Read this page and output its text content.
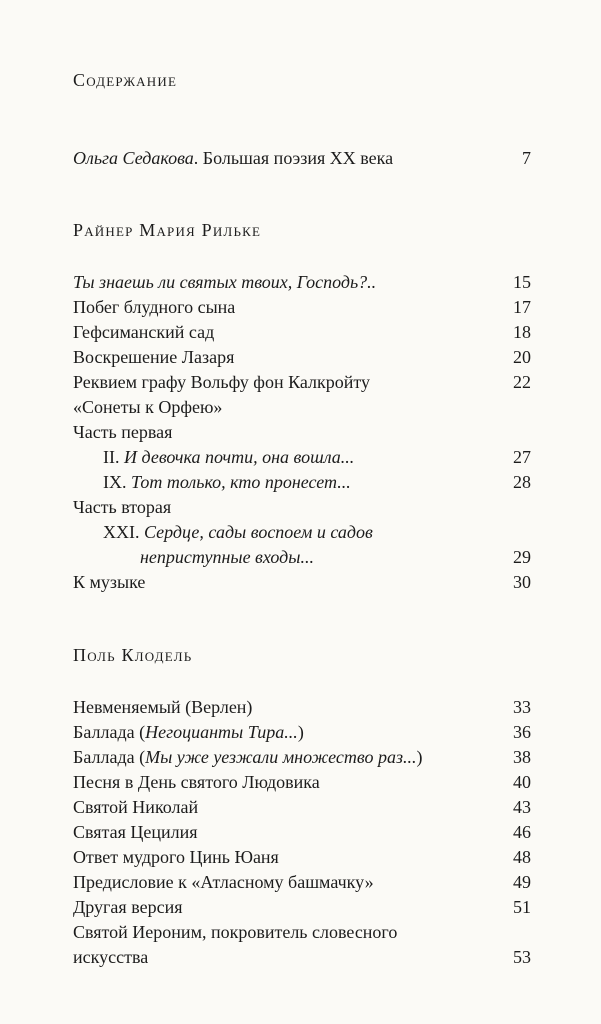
Содержание
Ольга Седакова. Большая поэзия XX века	7
Райнер Мария Рильке
Ты знаешь ли святых твоих, Господь?..	15
Побег блудного сына	17
Гефсиманский сад	18
Воскрешение Лазаря	20
Реквием графу Вольфу фон Калкройту	22
«Сонеты к Орфею»
Часть первая
II. И девочка почти, она вошла...	27
IX. Тот только, кто пронесет...	28
Часть вторая
XXI. Сердце, сады воспоем и садов
неприступные входы...	29
К музыке	30
Поль Клодель
Невменяемый (Верлен)	33
Баллада (Негоцианты Тира...)	36
Баллада (Мы уже уезжали множество раз...)	38
Песня в День святого Людовика	40
Святой Николай	43
Святая Цецилия	46
Ответ мудрого Цинь Юаня	48
Предисловие к «Атласному башмачку»	49
Другая версия	51
Святой Иероним, покровитель словесного
искусства	53
